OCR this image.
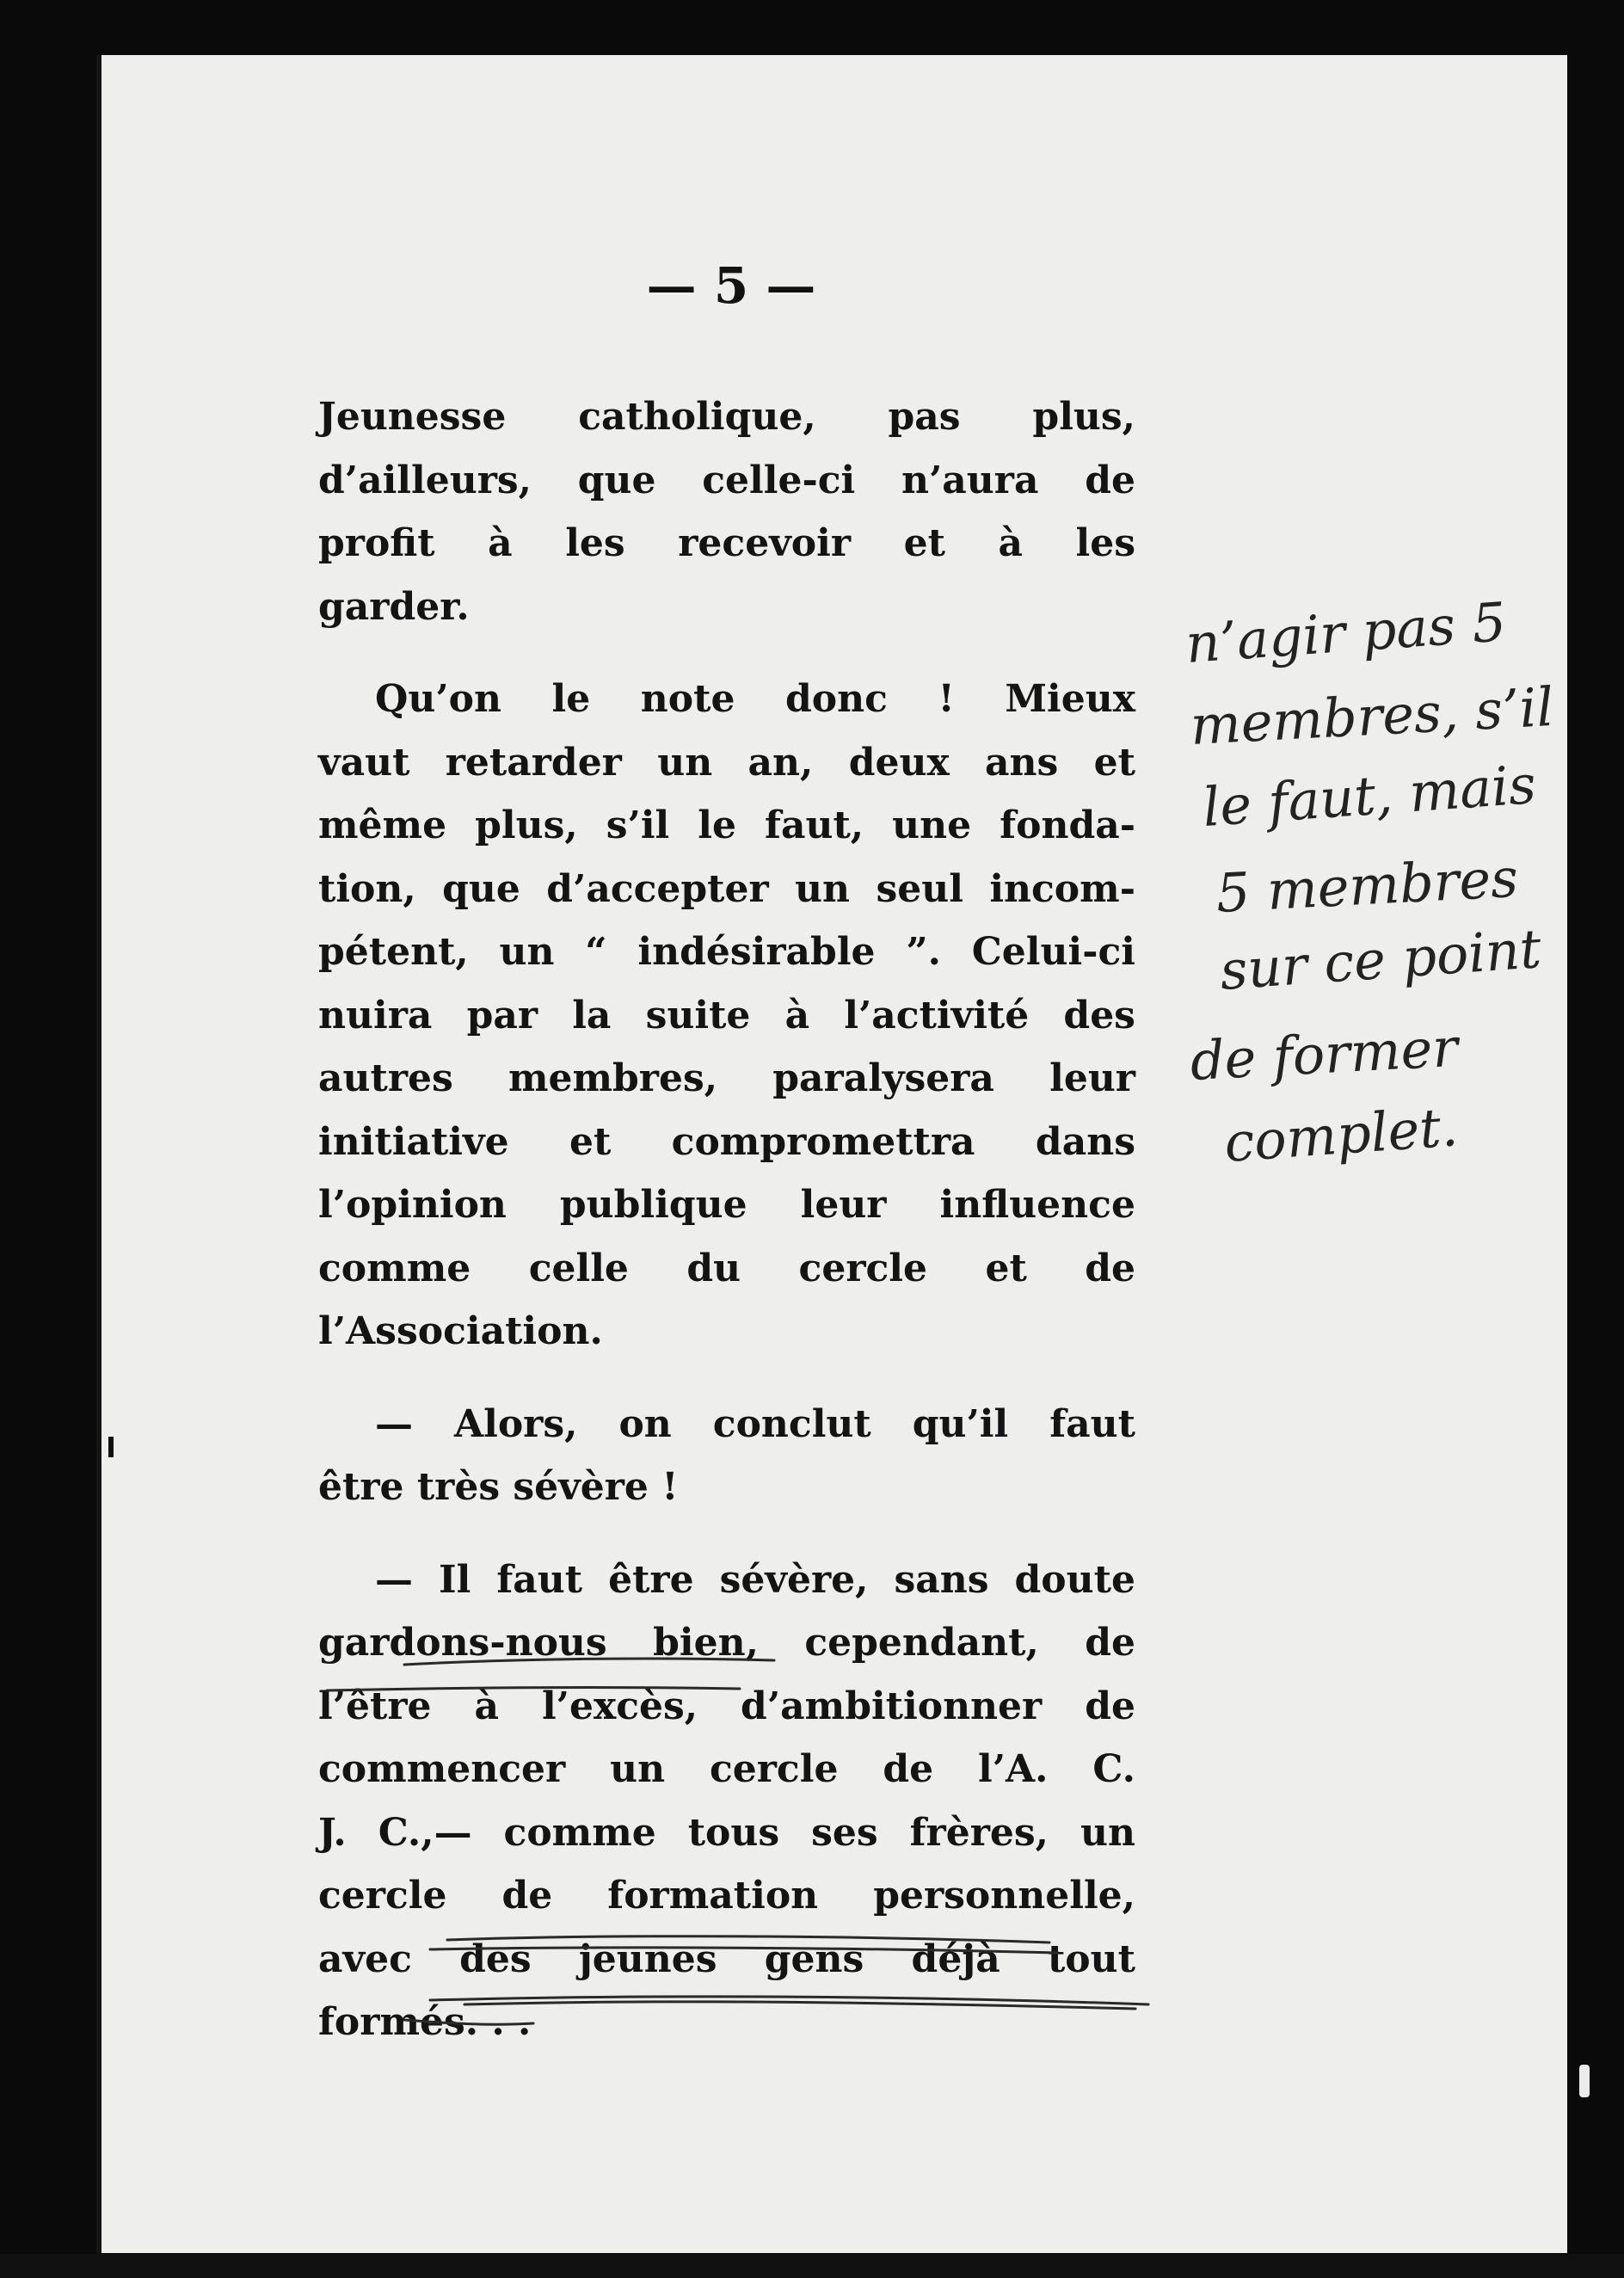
— 5 —
Jeunesse catholique, pas plus,
d’ailleurs, que celle-ci n’aura de
profit à les recevoir et à les
garder.
Qu’on le note donc ! Mieux
vaut retarder un an, deux ans et
même plus, s’il le faut, une fonda-
tion, que d’accepter un seul incom-
pétent, un “ indésirable ”. Celui-ci
nuira par la suite à l’activité des
autres membres, paralysera leur
initiative et compromettra dans
l’opinion publique leur influence
comme celle du cercle et de
l’Association.
— Alors, on conclut qu’il faut
être très sévère !
— Il faut être sévère, sans doute
gardons-nous bien, cependant, de
l’être à l’excès, d’ambitionner de
commencer un cercle de l’A. C.
J. C.,— comme tous ses frères, un
cercle de formation personnelle,
avec des jeunes gens déjà tout
formés. . .
n’agir pas 5
membres, s’il
le faut, mais
5 membres
sur ce point
de former
complet.
